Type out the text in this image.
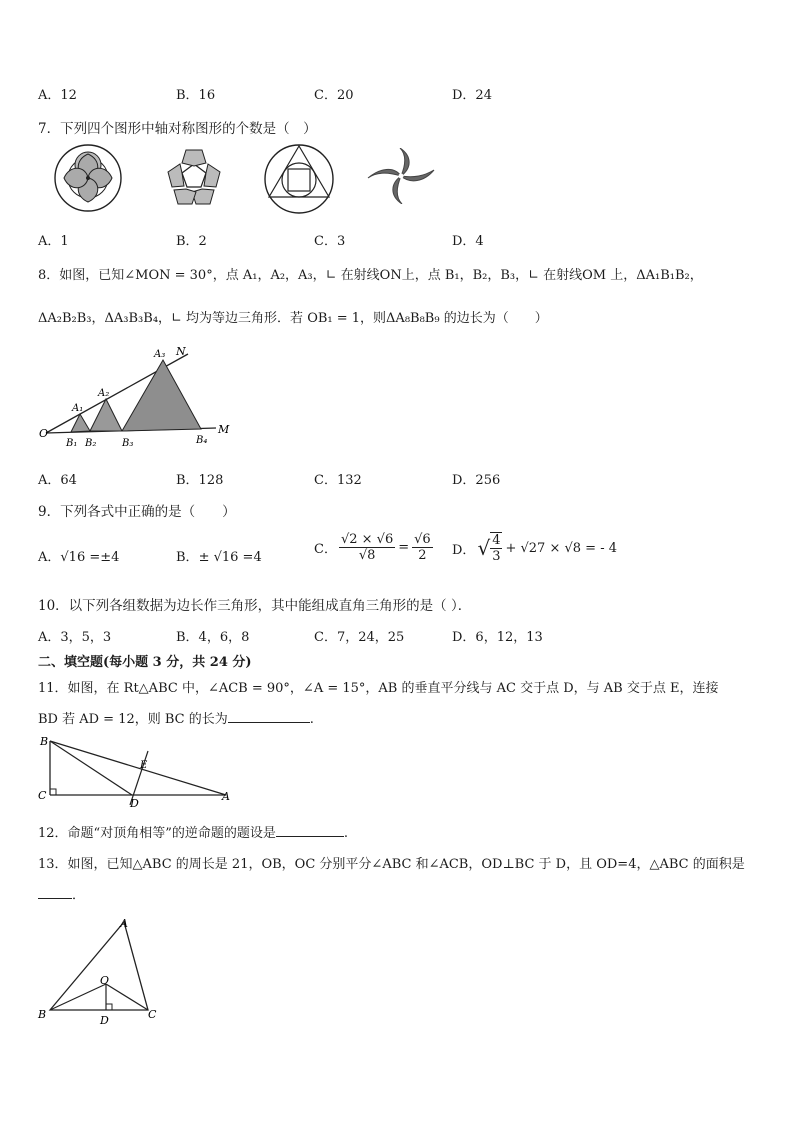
A．12	B．16	C．20	D．24
7．下列四个图形中轴对称图形的个数是（　）
A．1	B．2	C．3	D．4
8．如图，已知∠MON = 30°，点 A₁，A₂，A₃，∟ 在射线ON上，点 B₁，B₂，B₃，∟ 在射线OM 上，ΔA₁B₁B₂，
ΔA₂B₂B₃，ΔA₃B₃B₄，∟ 均为等边三角形．若 OB₁ = 1，则ΔA₈B₈B₉ 的边长为（　　）
O
B₁ B₂	B₃	B₄
M
A₁
A₂
A₃ N
A．64	B．128	C．132	D．256
9．下列各式中正确的是（　　）
A．√16 =±4	B．± √16 =4
C． $\frac{√2 \times √6}{√8} = \frac{√6}{2}$ D． √ $\frac{4}{3} + √27 \times √8$ = - 4
10．以下列各组数据为边长作三角形，其中能组成直角三角形的是（ ）．
A．3，5，3	B．4，6，8	C．7，24，25	D．6，12，13
二、填空题(每小题 3 分，共 24 分)
11．如图，在 Rt△ABC 中，∠ACB = 90°，∠A = 15°，AB 的垂直平分线与 AC 交于点 D，与 AB 交于点 E，连接
BD 若 AD = 12，则 BC 的长为	.
B
E
C
D
A
12．命题“对顶角相等”的逆命题的题设是	.
13．如图，已知△ABC 的周长是 21，OB，OC 分别平分∠ABC 和∠ACB，OD⊥BC 于 D，且 OD=4，△ABC 的面积是
．
A
O
B	D	C
